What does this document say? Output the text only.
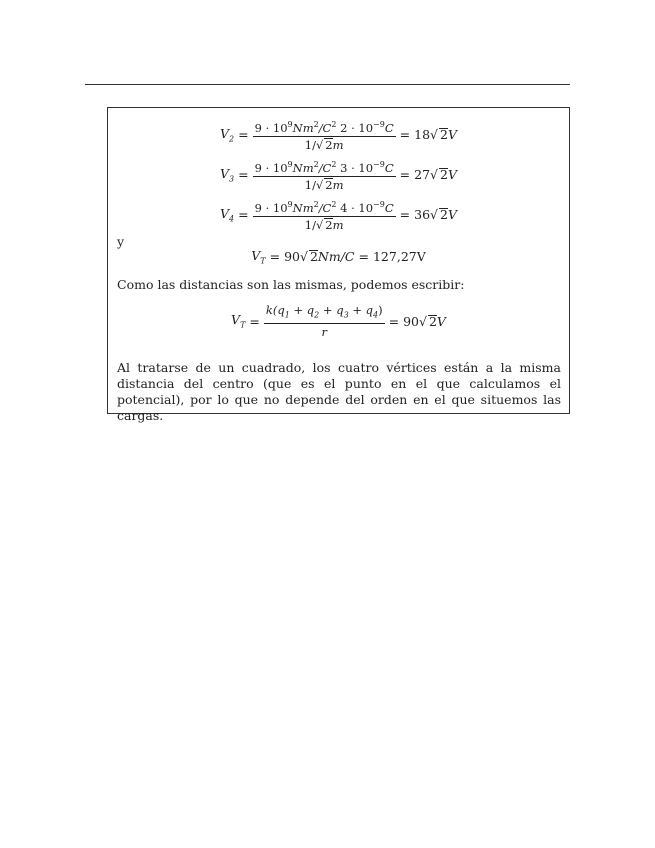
$V_2 = \frac{9 \cdot 10^9Nm^2/C^2 2 \cdot 10^{-9}C}{1/√ 2m} = 18√$ 2V
$V_3 = \frac{9 \cdot 10^9Nm^2/C^2 3 \cdot 10^{-9}C}{1/√ 2m} = 27√$ 2V
$V_4 = \frac{9 \cdot 10^9Nm^2/C^2 4 \cdot 10^{-9}C}{1/√ 2m} = 36√$ 2V
y
$V_T = 90√$ 2Nm/C = 127,27V
Como las distancias son las mismas, podemos escribir:
$V_T = \frac{k(q_1 + q_2 + q_3 + q_4)}{r} = 90√$ 2V
Al tratarse de un cuadrado, los cuatro vértices están a la misma distancia del centro (que es el punto en el que calculamos el potencial), por lo que no depende del orden en el que situemos las cargas.
